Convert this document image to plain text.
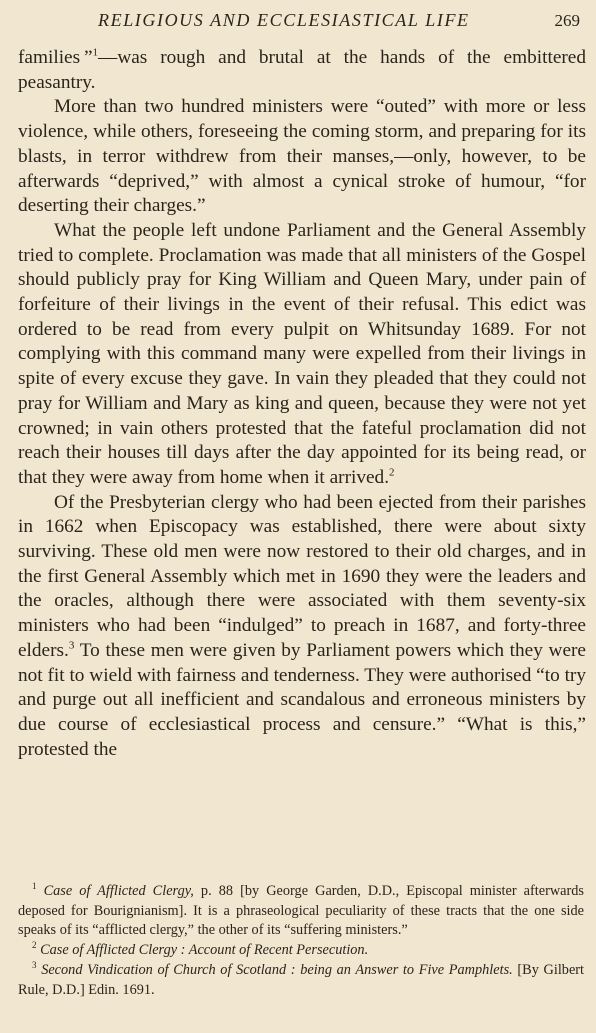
RELIGIOUS AND ECCLESIASTICAL LIFE	269

families ”$^1$—was rough and brutal at the hands of the embittered peasantry.

More than two hundred ministers were “outed” with more or less violence, while others, foreseeing the coming storm, and preparing for its blasts, in terror withdrew from their manses,—only, however, to be afterwards “deprived,” with almost a cynical stroke of humour, “for deserting their charges.”

What the people left undone Parliament and the General Assembly tried to complete. Proclamation was made that all ministers of the Gospel should publicly pray for King William and Queen Mary, under pain of forfeiture of their livings in the event of their refusal. This edict was ordered to be read from every pulpit on Whitsunday 1689. For not complying with this command many were expelled from their livings in spite of every excuse they gave. In vain they pleaded that they could not pray for William and Mary as king and queen, because they were not yet crowned; in vain others protested that the fateful proclamation did not reach their houses till days after the day appointed for its being read, or that they were away from home when it arrived.$^2$

Of the Presbyterian clergy who had been ejected from their parishes in 1662 when Episcopacy was established, there were about sixty surviving. These old men were now restored to their old charges, and in the first General Assembly which met in 1690 they were the leaders and the oracles, although there were associated with them seventy-six ministers who had been “indulged” to preach in 1687, and forty-three elders.$^3$ To these men were given by Parliament powers which they were not fit to wield with fairness and tenderness. They were authorised “to try and purge out all inefficient and scandalous and erroneous ministers by due course of ecclesiastical process and censure.” “What is this,” protested the

$^1$ Case of Afflicted Clergy, p. 88 [by George Garden, D.D., Episcopal minister afterwards deposed for Bourignianism]. It is a phraseological peculiarity of these tracts that the one side speaks of its “afflicted clergy,” the other of its “suffering ministers.”

$^2$ Case of Afflicted Clergy : Account of Recent Persecution.

$^3$ Second Vindication of Church of Scotland : being an Answer to Five Pamphlets. [By Gilbert Rule, D.D.] Edin. 1691.
